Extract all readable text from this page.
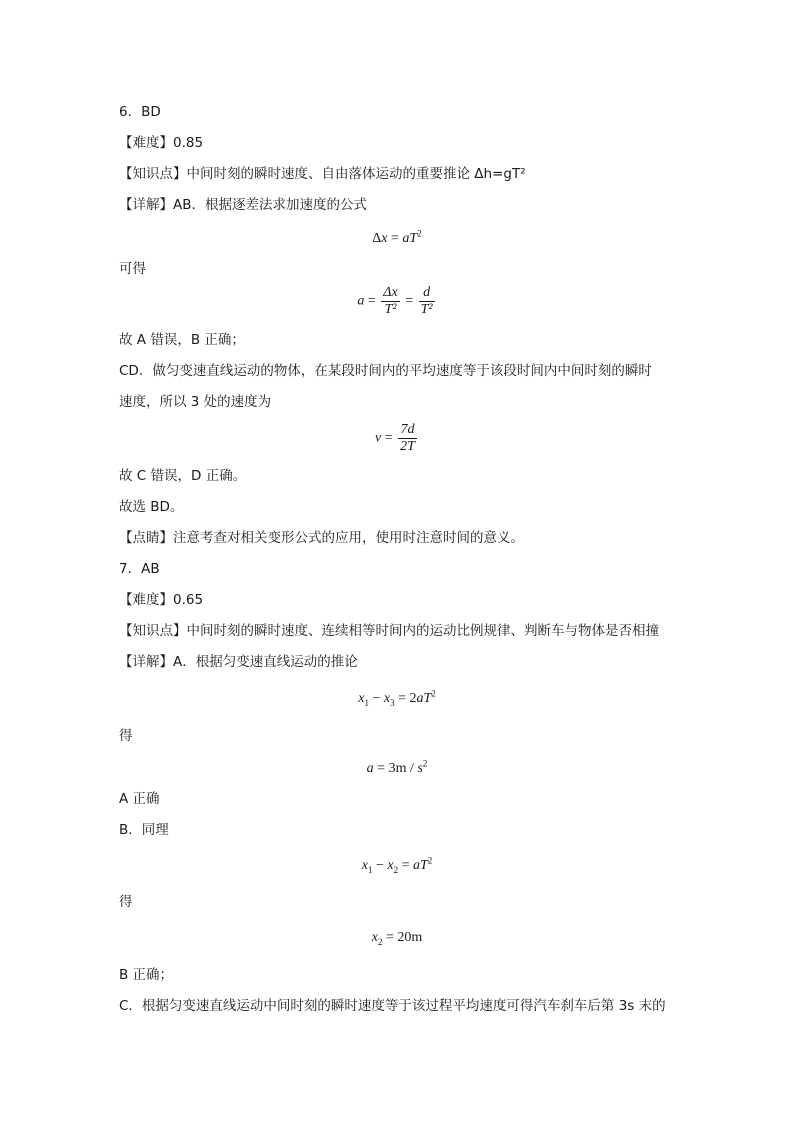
6．BD
【难度】0.85
【知识点】中间时刻的瞬时速度、自由落体运动的重要推论 Δh=gT²
【详解】AB．根据逐差法求加速度的公式
$\Delta x = aT^2$
可得
$a = \frac{\Delta x}{\text{T²}} = \frac{d}{\text{T²}}$
故 A 错误，B 正确；
CD．做匀变速直线运动的物体，在某段时间内的平均速度等于该段时间内中间时刻的瞬时
速度，所以 3 处的速度为
$v = \frac{7d}{2T}$
故 C 错误，D 正确。
故选 BD。
【点睛】注意考查对相关变形公式的应用，使用时注意时间的意义。
7．AB
【难度】0.65
【知识点】中间时刻的瞬时速度、连续相等时间内的运动比例规律、判断车与物体是否相撞
【详解】A．根据匀变速直线运动的推论
$x_1 - x_3 = 2aT^2$
得
$a = 3m / s^2$
A 正确
B．同理
$x_1 - x_2 = aT^2$
得
$x_2 = 20m$
B 正确；
C．根据匀变速直线运动中间时刻的瞬时速度等于该过程平均速度可得汽车刹车后第 3s 末的
